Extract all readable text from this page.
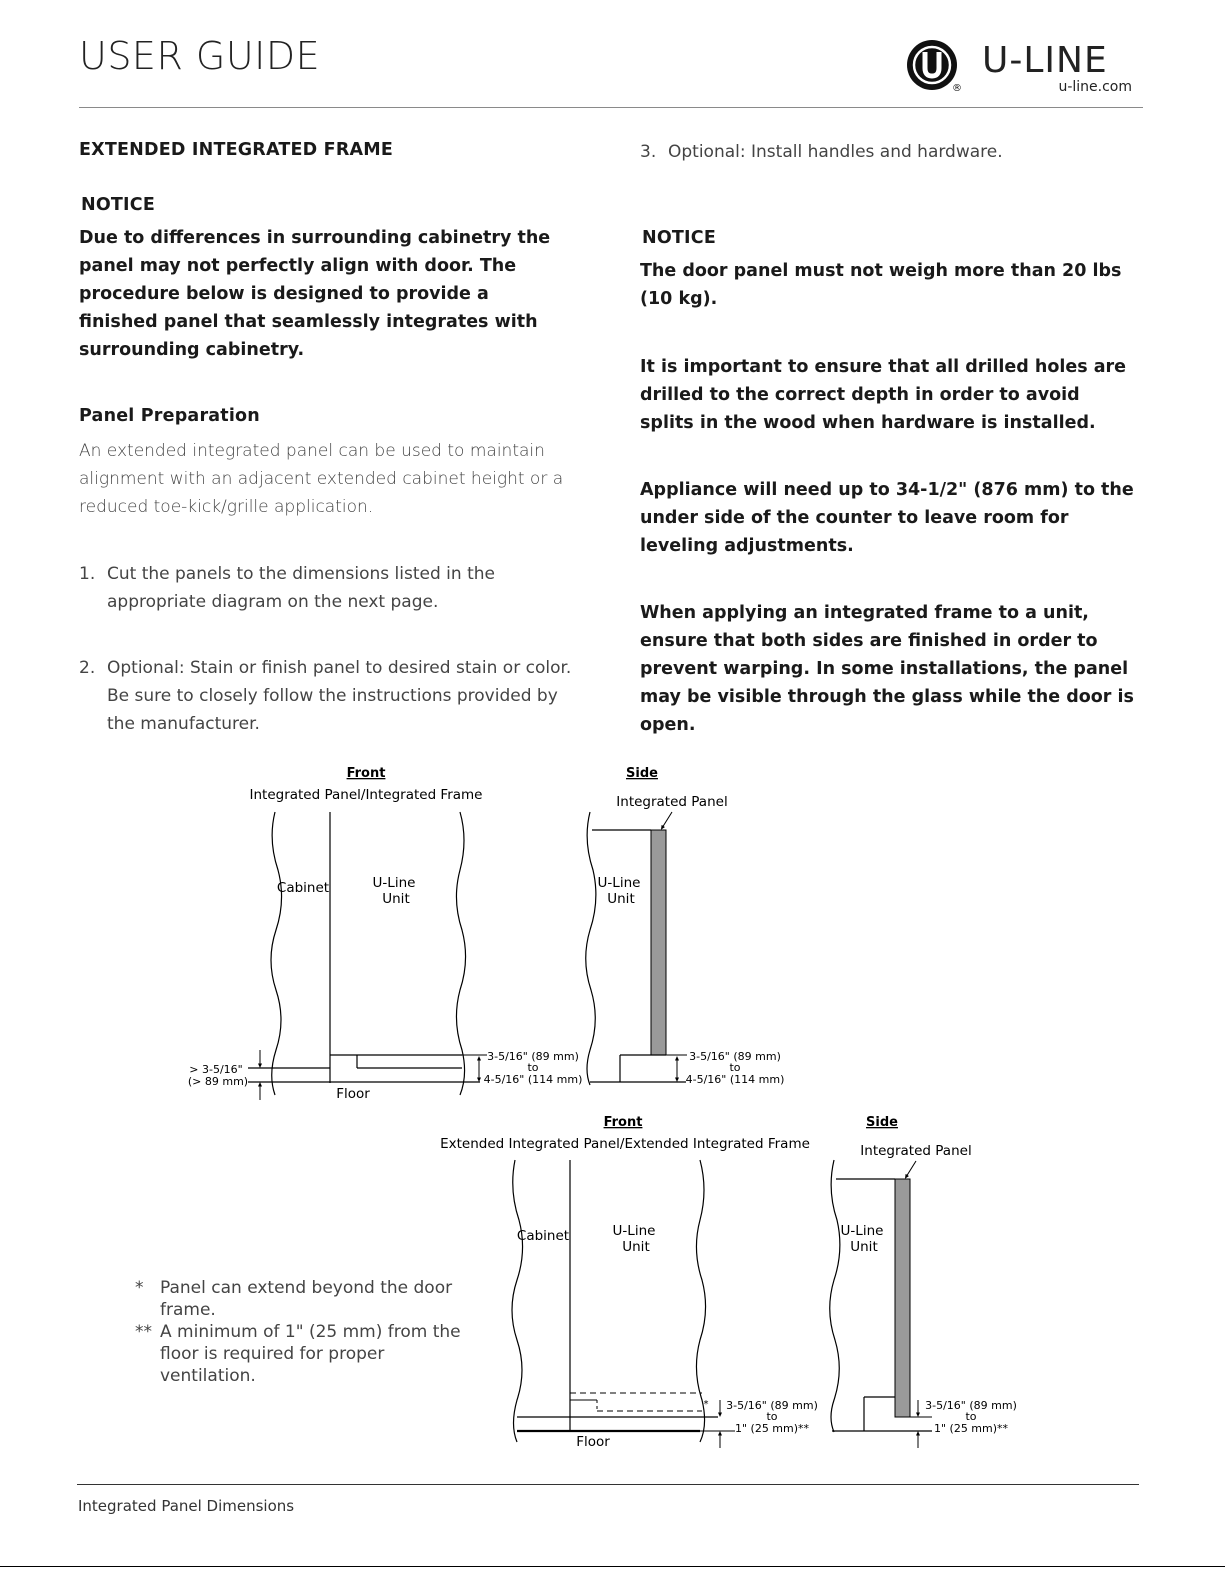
USER GUIDE
®
U-LINE
u-line.com
EXTENDED INTEGRATED FRAME
NOTICE
Due to differences in surrounding cabinetry the panel may not perfectly align with door. The procedure below is designed to provide a finished panel that seamlessly integrates with surrounding cabinetry.
Panel Preparation
An extended integrated panel can be used to maintain alignment with an adjacent extended cabinet height or a reduced toe-kick/grille application.
1. Cut the panels to the dimensions listed in the appropriate diagram on the next page.
2. Optional: Stain or finish panel to desired stain or color. Be sure to closely follow the instructions provided by the manufacturer.
3. Optional: Install handles and hardware.
NOTICE
The door panel must not weigh more than 20 lbs (10 kg).
It is important to ensure that all drilled holes are drilled to the correct depth in order to avoid splits in the wood when hardware is installed.
Appliance will need up to 34-1/2" (876 mm) to the under side of the counter to leave room for leveling adjustments.
When applying an integrated frame to a unit, ensure that both sides are finished in order to prevent warping. In some installations, the panel may be visible through the glass while the door is open.
Front
Integrated Panel/Integrated Frame
Side
Integrated Panel
Cabinet	U-Line
Unit
Floor
> 3-5/16"
(> 89 mm)
3-5/16" (89 mm)
to
4-5/16" (114 mm)
U-Line
Unit
3-5/16" (89 mm)
to
4-5/16" (114 mm)
Front
Extended Integrated Panel/Extended Integrated Frame
Side
Integrated Panel
Cabinet	U-Line
Unit
Floor
* 3-5/16" (89 mm)
to
1" (25 mm)**
U-Line
Unit
3-5/16" (89 mm)
to
1" (25 mm)**
* Panel can extend beyond the door frame.
** A minimum of 1" (25 mm) from the floor is required for proper ventilation.
Integrated Panel Dimensions
